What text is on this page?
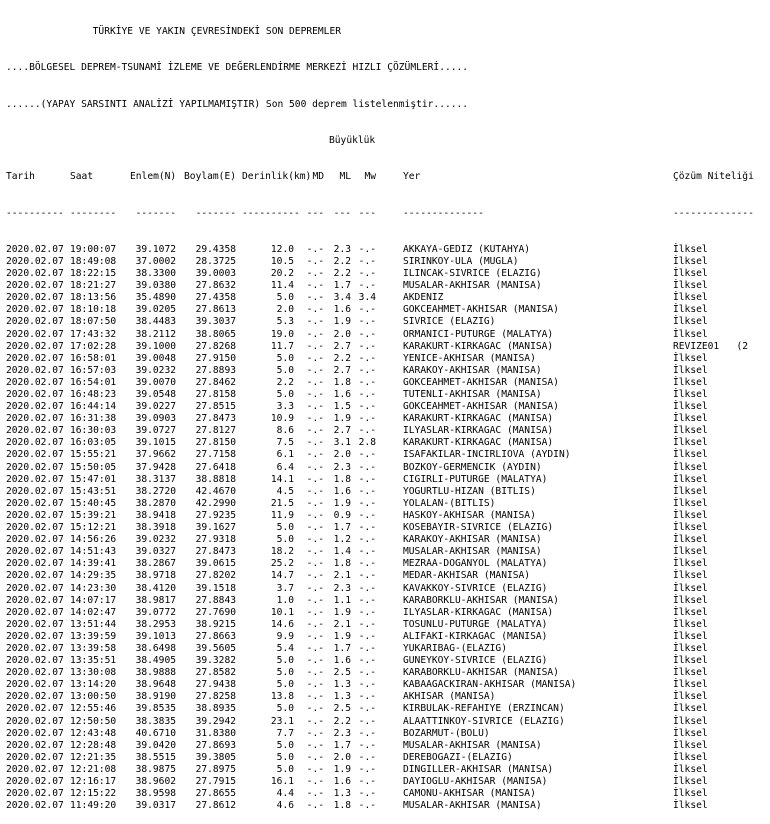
TÜRKİYE VE YAKIN ÇEVRESİNDEKİ SON DEPREMLER

....BÖLGESEL DEPREM-TSUNAMİ İZLEME VE DEĞERLENDİRME MERKEZİ HIZLI ÇÖZÜMLERİ.....

......(YAPAY SARSINTI ANALİZİ YAPILMAMIŞTIR) Son 500 deprem listelenmiştir......

Büyüklük

Tarih	Saat	Enlem(N) Boylam(E) Derinlik(km)MD ML Mw	Yer	Çözüm Niteliği

---------- -------- ------- ------- ---------- --- --- ---	--------------	--------------

2020.02.07 19:00:07 39.1072 29.4358	12.0 -.- 2.3 -.-	AKKAYA-GEDIZ (KUTAHYA)	İlksel
2020.02.07 18:49:08 37.0002 28.3725	10.5 -.- 2.2 -.-	SIRINKOY-ULA (MUGLA)	İlksel
2020.02.07 18:22:15 38.3300 39.0003	20.2 -.- 2.2 -.-	ILINCAK-SIVRICE (ELAZIG)	İlksel
2020.02.07 18:21:27 39.0380 27.8632	11.4 -.- 1.7 -.-	MUSALAR-AKHISAR (MANISA)	İlksel
2020.02.07 18:13:56 35.4890 27.4358	5.0 -.- 3.4 3.4	AKDENIZ	İlksel
2020.02.07 18:10:18 39.0205 27.8613	2.0 -.- 1.6 -.-	GOKCEAHMET-AKHISAR (MANISA)	İlksel
2020.02.07 18:07:50 38.4483 39.3037	5.3 -.- 1.9 -.-	SIVRICE (ELAZIG)	İlksel
2020.02.07 17:43:32 38.2112 38.8065	19.0 -.- 2.0 -.-	ORMANICI-PUTURGE (MALATYA)	İlksel
2020.02.07 17:02:28 39.1000 27.8268	11.7 -.- 2.7 -.-	KARAKURT-KIRKAGAC (MANISA)	REVIZE01   (2
2020.02.07 16:58:01 39.0048 27.9150	5.0 -.- 2.2 -.-	YENICE-AKHISAR (MANISA)	İlksel
2020.02.07 16:57:03 39.0232 27.8893	5.0 -.- 2.7 -.-	KARAKOY-AKHISAR (MANISA)	İlksel
2020.02.07 16:54:01 39.0070 27.8462	2.2 -.- 1.8 -.-	GOKCEAHMET-AKHISAR (MANISA)	İlksel
2020.02.07 16:48:23 39.0548 27.8158	5.0 -.- 1.6 -.-	TUTENLI-AKHISAR (MANISA)	İlksel
2020.02.07 16:44:14 39.0227 27.8515	3.3 -.- 1.5 -.-	GOKCEAHMET-AKHISAR (MANISA)	İlksel
2020.02.07 16:31:38 39.0903 27.8473	10.9 -.- 1.9 -.-	KARAKURT-KIRKAGAC (MANISA)	İlksel
2020.02.07 16:30:03 39.0727 27.8127	8.6 -.- 2.7 -.-	ILYASLAR-KIRKAGAC (MANISA)	İlksel
2020.02.07 16:03:05 39.1015 27.8150	7.5 -.- 3.1 2.8	KARAKURT-KIRKAGAC (MANISA)	İlksel
2020.02.07 15:55:21 37.9662 27.7158	6.1 -.- 2.0 -.-	ISAFAKILAR-INCIRLIOVA (AYDIN)	İlksel
2020.02.07 15:50:05 37.9428 27.6418	6.4 -.- 2.3 -.-	BOZKOY-GERMENCIK (AYDIN)	İlksel
2020.02.07 15:47:01 38.3137 38.8818	14.1 -.- 1.8 -.-	CIGIRLI-PUTURGE (MALATYA)	İlksel
2020.02.07 15:43:51 38.2720 42.4670	4.5 -.- 1.6 -.-	YOGURTLU-HIZAN (BITLIS)	İlksel
2020.02.07 15:40:45 38.2870 42.2990	21.5 -.- 1.9 -.-	YOLALAN-(BITLIS)	İlksel
2020.02.07 15:39:21 38.9418 27.9235	11.9 -.- 0.9 -.-	HASKOY-AKHISAR (MANISA)	İlksel
2020.02.07 15:12:21 38.3918 39.1627	5.0 -.- 1.7 -.-	KOSEBAYIR-SIVRICE (ELAZIG)	İlksel
2020.02.07 14:56:26 39.0232 27.9318	5.0 -.- 1.2 -.-	KARAKOY-AKHISAR (MANISA)	İlksel
2020.02.07 14:51:43 39.0327 27.8473	18.2 -.- 1.4 -.-	MUSALAR-AKHISAR (MANISA)	İlksel
2020.02.07 14:39:41 38.2867 39.0615	25.2 -.- 1.8 -.-	MEZRAA-DOGANYOL (MALATYA)	İlksel
2020.02.07 14:29:35 38.9718 27.8202	14.7 -.- 2.1 -.-	MEDAR-AKHISAR (MANISA)	İlksel
2020.02.07 14:23:30 38.4120 39.1518	3.7 -.- 2.3 -.-	KAVAKKOY-SIVRICE (ELAZIG)	İlksel
2020.02.07 14:07:17 38.9817 27.8843	1.0 -.- 1.1 -.-	KARABORKLU-AKHISAR (MANISA)	İlksel
2020.02.07 14:02:47 39.0772 27.7690	10.1 -.- 1.9 -.-	ILYASLAR-KIRKAGAC (MANISA)	İlksel
2020.02.07 13:51:44 38.2953 38.9215	14.6 -.- 2.1 -.-	TOSUNLU-PUTURGE (MALATYA)	İlksel
2020.02.07 13:39:59 39.1013 27.8663	9.9 -.- 1.9 -.-	ALIFAKI-KIRKAGAC (MANISA)	İlksel
2020.02.07 13:39:58 38.6498 39.5605	5.4 -.- 1.7 -.-	YUKARIBAG-(ELAZIG)	İlksel
2020.02.07 13:35:51 38.4905 39.3282	5.0 -.- 1.6 -.-	GUNEYKOY-SIVRICE (ELAZIG)	İlksel
2020.02.07 13:30:08 38.9888 27.8582	5.0 -.- 2.5 -.-	KARABORKLU-AKHISAR (MANISA)	İlksel
2020.02.07 13:14:20 38.9648 27.9438	5.0 -.- 1.3 -.-	KABAAGACKIRAN-AKHISAR (MANISA)	İlksel
2020.02.07 13:00:50 38.9190 27.8258	13.8 -.- 1.3 -.-	AKHISAR (MANISA)	İlksel
2020.02.07 12:55:46 39.8535 38.8935	5.0 -.- 2.5 -.-	KIRBULAK-REFAHIYE (ERZINCAN)	İlksel
2020.02.07 12:50:50 38.3835 39.2942	23.1 -.- 2.2 -.-	ALAATTINKOY-SIVRICE (ELAZIG)	İlksel
2020.02.07 12:43:48 40.6710 31.8380	7.7 -.- 2.3 -.-	BOZARMUT-(BOLU)	İlksel
2020.02.07 12:28:48 39.0420 27.8693	5.0 -.- 1.7 -.-	MUSALAR-AKHISAR (MANISA)	İlksel
2020.02.07 12:21:35 38.5515 39.3805	5.0 -.- 2.0 -.-	DEREBOGAZI-(ELAZIG)	İlksel
2020.02.07 12:21:08 38.9875 27.8975	5.0 -.- 1.9 -.-	DINGILLER-AKHISAR (MANISA)	İlksel
2020.02.07 12:16:17 38.9602 27.7915	16.1 -.- 1.6 -.-	DAYIOGLU-AKHISAR (MANISA)	İlksel
2020.02.07 12:15:22 38.9598 27.8655	4.4 -.- 1.3 -.-	CAMONU-AKHISAR (MANISA)	İlksel
2020.02.07 11:49:20 39.0317 27.8612	4.6 -.- 1.8 -.-	MUSALAR-AKHISAR (MANISA)	İlksel
